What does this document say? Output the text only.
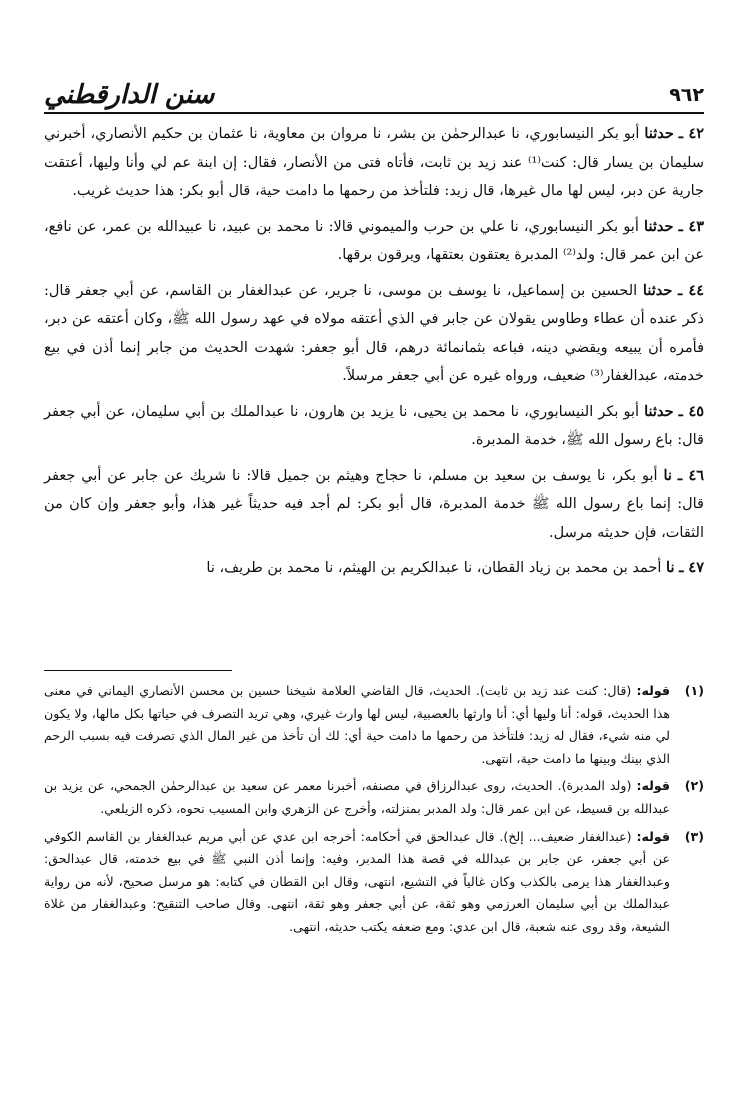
٩٦٢
سنن الدارقطني

٤٢ ـ حدثنا أبو بكر النيسابوري، نا عبدالرحمٰن بن بشر، نا مروان بن معاوية، نا عثمان بن حكيم الأنصاري، أخبرني سليمان بن يسار قال: كنت⁽¹⁾ عند زيد بن ثابت، فأتاه فتى من الأنصار، فقال: إن ابنة عم لي وأنا وليها، أعتقت جارية عن دبر، ليس لها مال غيرها، قال زيد: فلتأخذ من رحمها ما دامت حية، قال أبو بكر: هذا حديث غريب.

٤٣ ـ حدثنا أبو بكر النيسابوري، نا علي بن حرب والميموني قالا: نا محمد بن عبيد، نا عبيدالله بن عمر، عن نافع، عن ابن عمر قال: ولد⁽²⁾ المدبرة يعتقون بعتقها، ويرقون برقها.

٤٤ ـ حدثنا الحسين بن إسماعيل، نا يوسف بن موسى، نا جرير، عن عبدالغفار بن القاسم، عن أبي جعفر قال: ذكر عنده أن عطاء وطاوس يقولان عن جابر في الذي أعتقه مولاه في عهد رسول الله ﷺ، وكان أعتقه عن دبر، فأمره أن يبيعه ويقضي دينه، فباعه بثمانمائة درهم، قال أبو جعفر: شهدت الحديث من جابر إنما أذن في بيع خدمته، عبدالغفار⁽³⁾ ضعيف، ورواه غيره عن أبي جعفر مرسلاً.

٤٥ ـ حدثنا أبو بكر النيسابوري، نا محمد بن يحيى، نا يزيد بن هارون، نا عبدالملك بن أبي سليمان، عن أبي جعفر قال: باع رسول الله ﷺ، خدمة المدبرة.

٤٦ ـ نا أبو بكر، نا يوسف بن سعيد بن مسلم، نا حجاج وهيثم بن جميل قالا: نا شريك عن جابر عن أبي جعفر قال: إنما باع رسول الله ﷺ خدمة المدبرة، قال أبو بكر: لم أجد فيه حديثاً غير هذا، وأبو جعفر وإن كان من الثقات، فإن حديثه مرسل.

٤٧ ـ نا أحمد بن محمد بن زياد القطان، نا عبدالكريم بن الهيثم، نا محمد بن طريف، نا

(١)
قوله: (قال: كنت عند زيد بن ثابت). الحديث، قال القاضي العلامة شيخنا حسين بن محسن الأنصاري اليماني في معنى هذا الحديث، قوله: أنا وليها أي: أنا وارثها بالعصبية، ليس لها وارث غيري، وهي تريد التصرف في حياتها بكل مالها، ولا يكون لي منه شيء، فقال له زيد: فلتأخذ من رحمها ما دامت حية أي: لك أن تأخذ من غير المال الذي تصرفت فيه بسبب الرحم الذي بينك وبينها ما دامت حية، انتهى.
(٢)
قوله: (ولد المدبرة). الحديث، روى عبدالرزاق في مصنفه، أخبرنا معمر عن سعيد بن عبدالرحمٰن الجمحي، عن يزيد بن عبدالله بن قسيط، عن ابن عمر قال: ولد المدبر بمنزلته، وأخرج عن الزهري وابن المسيب نحوه، ذكره الزيلعي.
(٣)
قوله: (عبدالغفار ضعيف... إلخ). قال عبدالحق في أحكامه: أخرجه ابن عدي عن أبي مريم عبدالغفار بن القاسم الكوفي عن أبي جعفر، عن جابر بن عبدالله في قصة هذا المدبر، وفيه: وإنما أذن النبي ﷺ في بيع خدمته، قال عبدالحق: وعبدالغفار هذا يرمى بالكذب وكان غالياً في التشيع، انتهى، وقال ابن القطان في كتابه: هو مرسل صحيح، لأنه من رواية عبدالملك بن أبي سليمان العرزمي وهو ثقة، عن أبي جعفر وهو ثقة، انتهى. وقال صاحب التنقيح: وعبدالغفار من غلاة الشيعة، وقد روى عنه شعبة، قال ابن عدي: ومع ضعفه يكتب حديثه، انتهى.
